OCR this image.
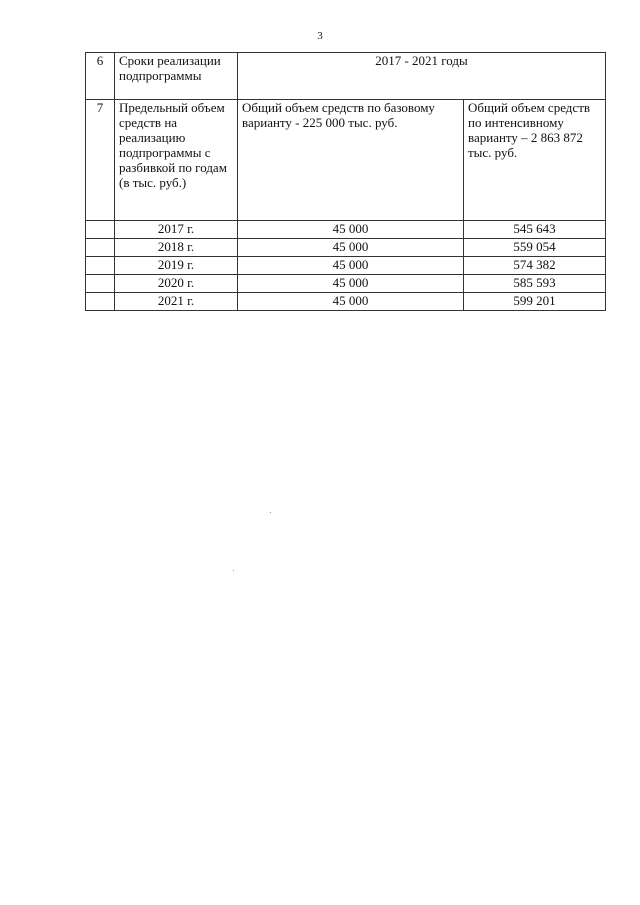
3
6	Сроки реализации подпрограммы	2017 - 2021 годы	
7	Предельный объем средств на реализацию подпрограммы с разбивкой по годам (в тыс. руб.)	Общий объем средств по базовому варианту - 225 000 тыс. руб.	Общий объем средств по интенсивному варианту – 2 863 872 тыс. руб.
	2017 г.	45 000	545 643
	2018 г.	45 000	559 054
	2019 г.	45 000	574 382
	2020 г.	45 000	585 593
	2021 г.	45 000	599 201
